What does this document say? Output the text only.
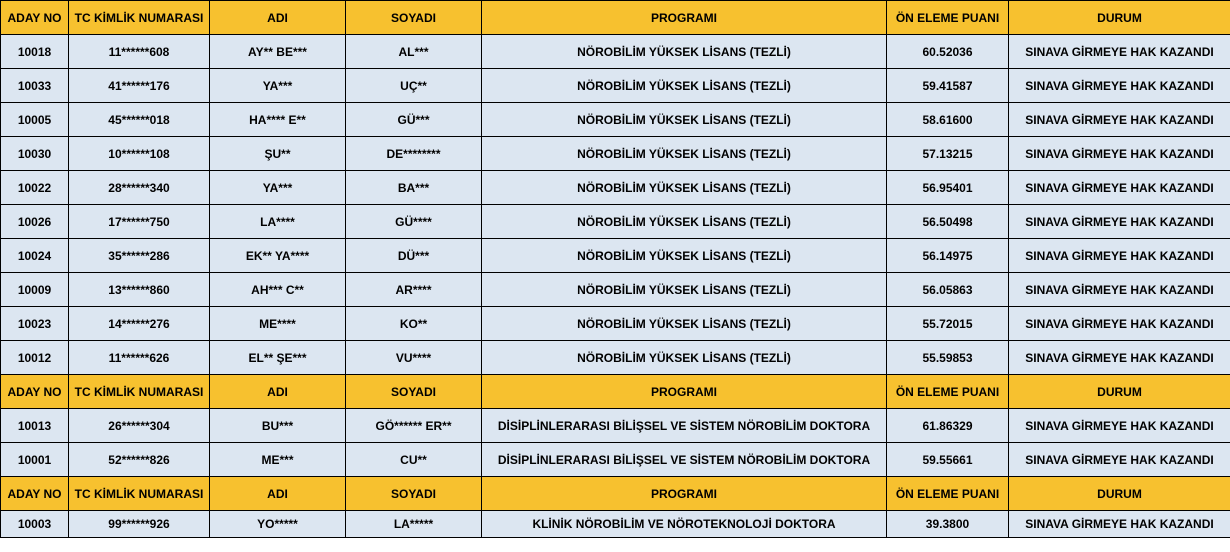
ADAY NO	TC KİMLİK NUMARASI	ADI	SOYADI	PROGRAMI	ÖN ELEME PUANI	DURUM
10018	11******608	AY** BE***	AL***	NÖROBİLİM YÜKSEK LİSANS (TEZLİ)	60.52036	SINAVA GİRMEYE HAK KAZANDI
10033	41******176	YA***	UÇ**	NÖROBİLİM YÜKSEK LİSANS (TEZLİ)	59.41587	SINAVA GİRMEYE HAK KAZANDI
10005	45******018	HA**** E**	GÜ***	NÖROBİLİM YÜKSEK LİSANS (TEZLİ)	58.61600	SINAVA GİRMEYE HAK KAZANDI
10030	10******108	ŞU**	DE********	NÖROBİLİM YÜKSEK LİSANS (TEZLİ)	57.13215	SINAVA GİRMEYE HAK KAZANDI
10022	28******340	YA***	BA***	NÖROBİLİM YÜKSEK LİSANS (TEZLİ)	56.95401	SINAVA GİRMEYE HAK KAZANDI
10026	17******750	LA****	GÜ****	NÖROBİLİM YÜKSEK LİSANS (TEZLİ)	56.50498	SINAVA GİRMEYE HAK KAZANDI
10024	35******286	EK** YA****	DÜ***	NÖROBİLİM YÜKSEK LİSANS (TEZLİ)	56.14975	SINAVA GİRMEYE HAK KAZANDI
10009	13******860	AH*** C**	AR****	NÖROBİLİM YÜKSEK LİSANS (TEZLİ)	56.05863	SINAVA GİRMEYE HAK KAZANDI
10023	14******276	ME****	KO**	NÖROBİLİM YÜKSEK LİSANS (TEZLİ)	55.72015	SINAVA GİRMEYE HAK KAZANDI
10012	11******626	EL** ŞE***	VU****	NÖROBİLİM YÜKSEK LİSANS (TEZLİ)	55.59853	SINAVA GİRMEYE HAK KAZANDI
ADAY NO	TC KİMLİK NUMARASI	ADI	SOYADI	PROGRAMI	ÖN ELEME PUANI	DURUM
10013	26******304	BU***	GÖ****** ER**	DİSİPLİNLERARASI BİLİŞSEL VE SİSTEM NÖROBİLİM DOKTORA	61.86329	SINAVA GİRMEYE HAK KAZANDI
10001	52******826	ME***	CU**	DİSİPLİNLERARASI BİLİŞSEL VE SİSTEM NÖROBİLİM DOKTORA	59.55661	SINAVA GİRMEYE HAK KAZANDI
ADAY NO	TC KİMLİK NUMARASI	ADI	SOYADI	PROGRAMI	ÖN ELEME PUANI	DURUM
10003	99******926	YO*****	LA*****	KLİNİK NÖROBİLİM VE NÖROTEKNOLOJİ DOKTORA	39.3800	SINAVA GİRMEYE HAK KAZANDI
